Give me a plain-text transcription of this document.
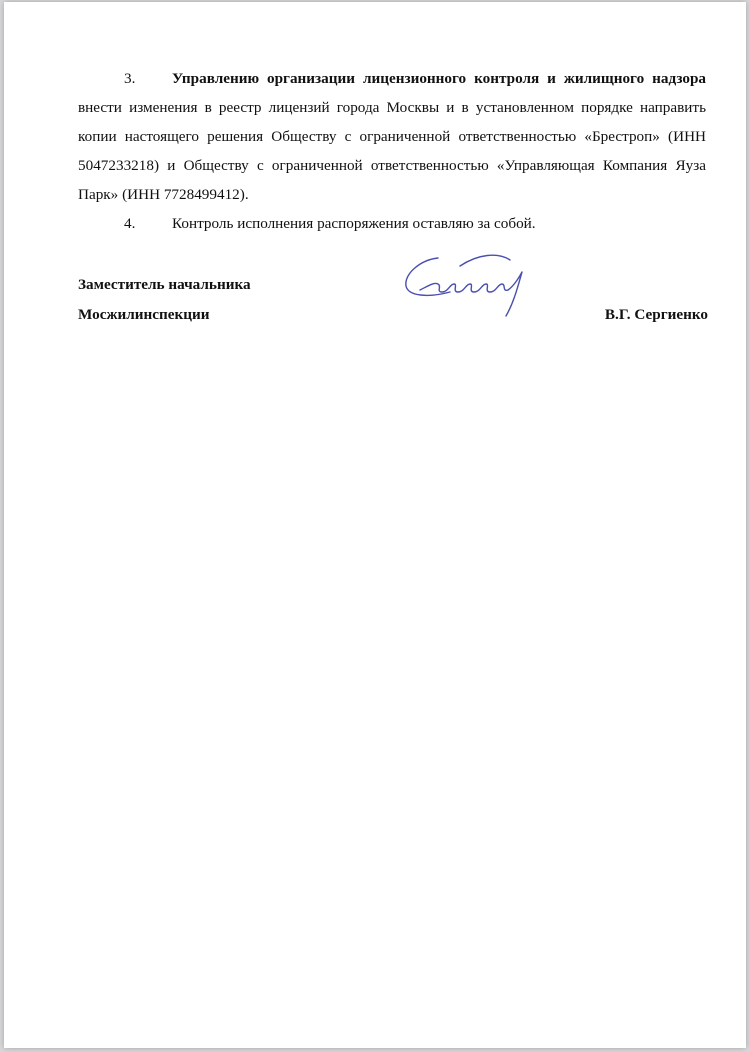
3. Управлению организации лицензионного контроля и жилищного надзора внести изменения в реестр лицензий города Москвы и в установленном порядке направить копии настоящего решения Обществу с ограниченной ответственностью «Брестроп» (ИНН 5047233218) и Обществу с ограниченной ответственностью «Управляющая Компания Яуза Парк» (ИНН 7728499412).

4. Контроль исполнения распоряжения оставляю за собой.

Заместитель начальника
Мосжилинспекции	В.Г. Сергиенко
